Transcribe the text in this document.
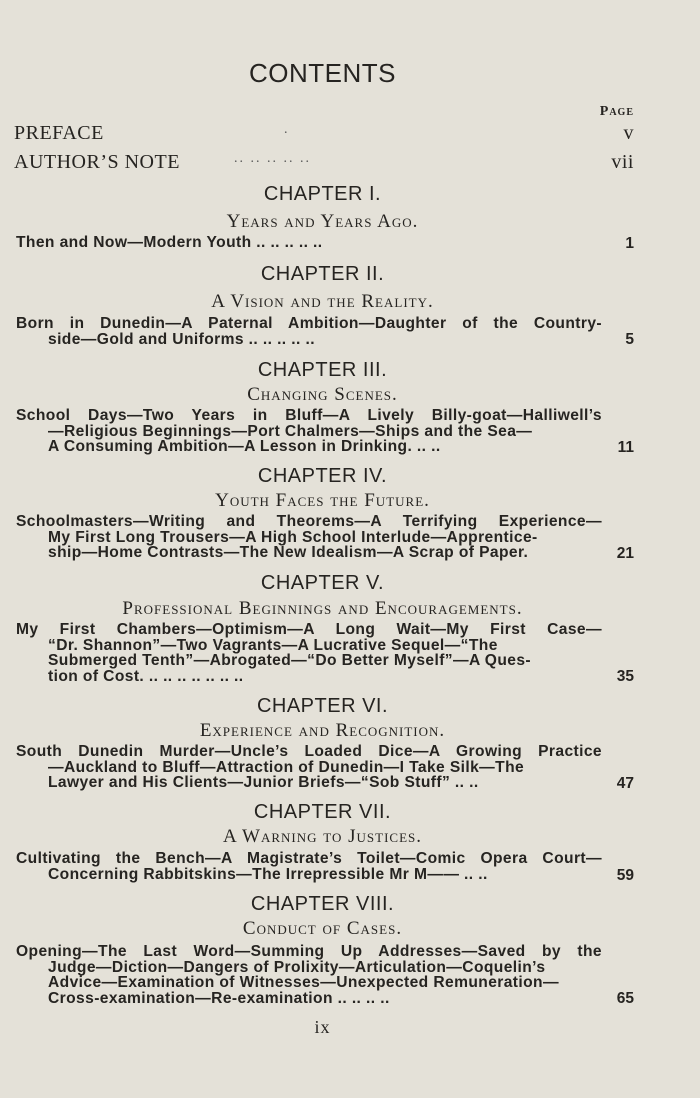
CONTENTS
Page
PREFACE	.	v
AUTHOR’S NOTE	.. .. .. .. ..	vii
CHAPTER I.
Years and Years Ago.
Then and Now—Modern Youth .. .. .. .. ..	1
CHAPTER II.
A Vision and the Reality.
Born in Dunedin—A Paternal Ambition—Daughter of the Country-
side—Gold and Uniforms .. .. .. .. ..	5
CHAPTER III.
Changing Scenes.
School Days—Two Years in Bluff—A Lively Billy-goat—Halliwell’s
—Religious Beginnings—Port Chalmers—Ships and the Sea—
A Consuming Ambition—A Lesson in Drinking. .. ..	11
CHAPTER IV.
Youth Faces the Future.
Schoolmasters—Writing and Theorems—A Terrifying Experience—
My First Long Trousers—A High School Interlude—Apprentice-
ship—Home Contrasts—The New Idealism—A Scrap of Paper.	21
CHAPTER V.
Professional Beginnings and Encouragements.
My First Chambers—Optimism—A Long Wait—My First Case—
“Dr. Shannon”—Two Vagrants—A Lucrative Sequel—“The
Submerged Tenth”—Abrogated—“Do Better Myself”—A Ques-
tion of Cost. .. .. .. .. .. .. ..	35
CHAPTER VI.
Experience and Recognition.
South Dunedin Murder—Uncle’s Loaded Dice—A Growing Practice
—Auckland to Bluff—Attraction of Dunedin—I Take Silk—The
Lawyer and His Clients—Junior Briefs—“Sob Stuff” .. ..	47
CHAPTER VII.
A Warning to Justices.
Cultivating the Bench—A Magistrate’s Toilet—Comic Opera Court—
Concerning Rabbitskins—The Irrepressible Mr M—— .. ..	59
CHAPTER VIII.
Conduct of Cases.
Opening—The Last Word—Summing Up Addresses—Saved by the
Judge—Diction—Dangers of Prolixity—Articulation—Coquelin’s
Advice—Examination of Witnesses—Unexpected Remuneration—
Cross-examination—Re-examination .. .. .. ..	65
ix
